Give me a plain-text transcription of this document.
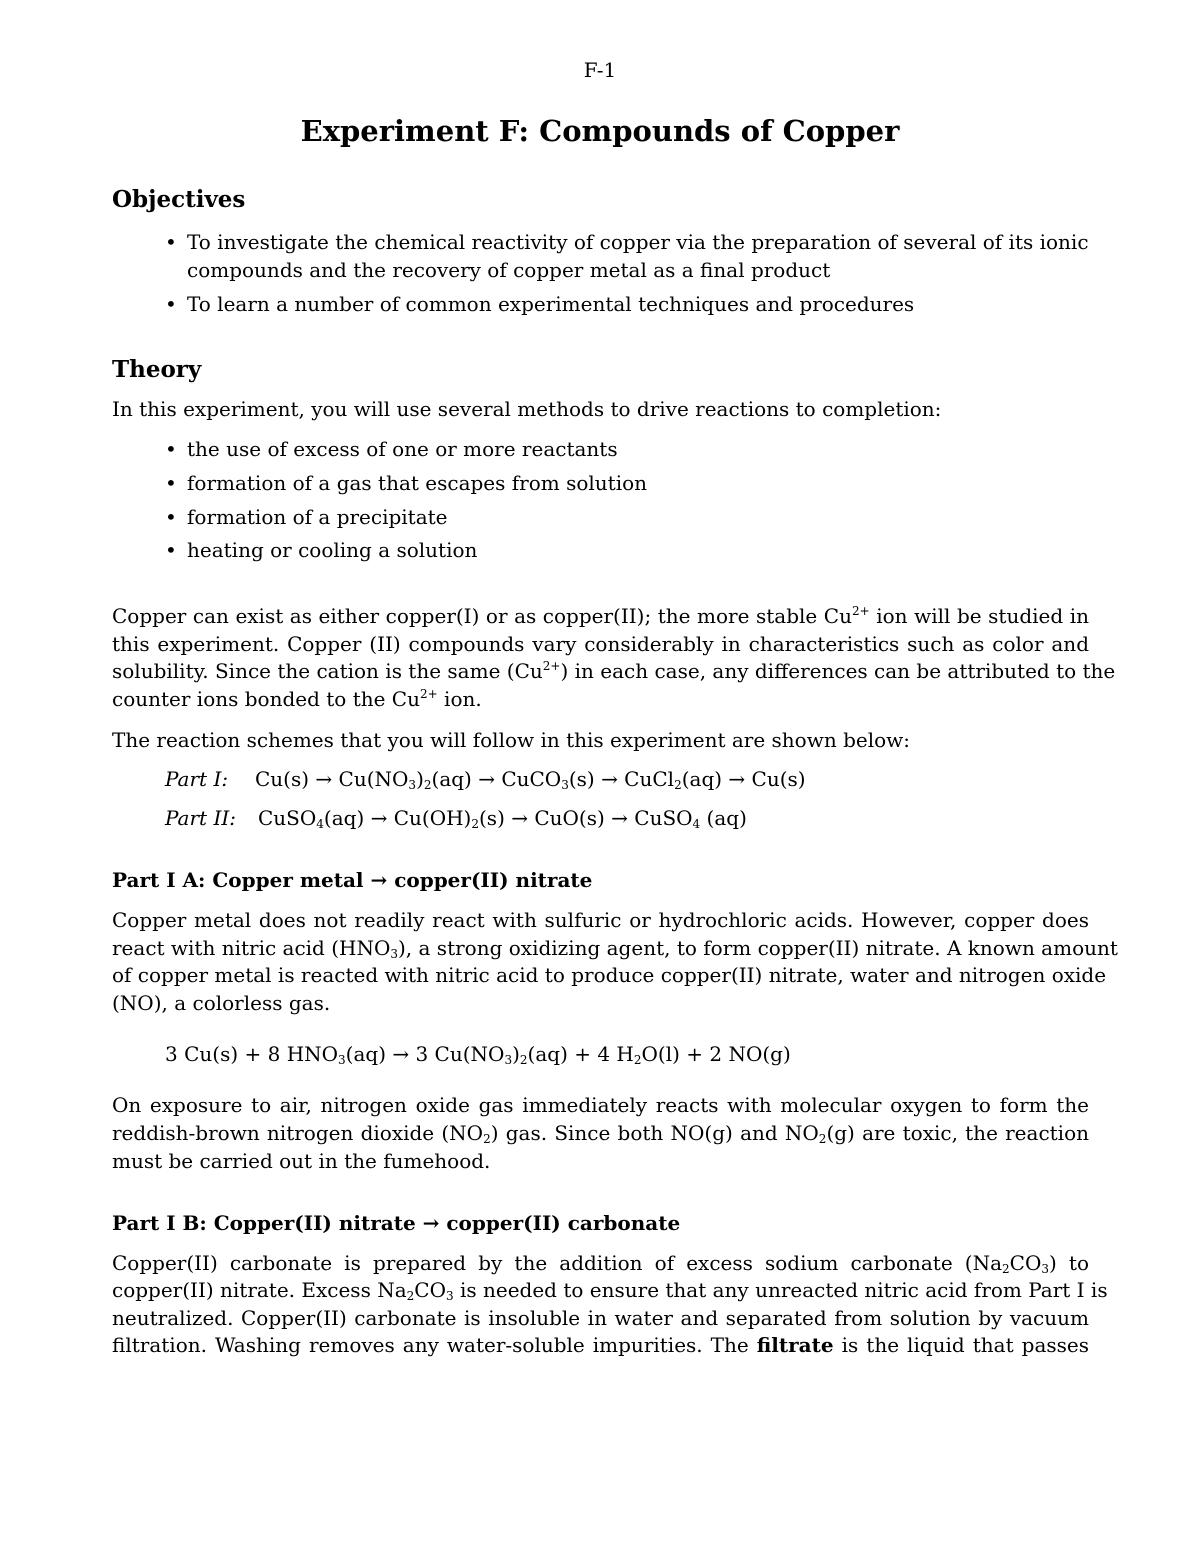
F-1
Experiment F: Compounds of Copper
Objectives
• To investigate the chemical reactivity of copper via the preparation of several of its ionic
compounds and the recovery of copper metal as a final product
• To learn a number of common experimental techniques and procedures
Theory
In this experiment, you will use several methods to drive reactions to completion:
• the use of excess of one or more reactants
• formation of a gas that escapes from solution
• formation of a precipitate
• heating or cooling a solution
Copper can exist as either copper(I) or as copper(II); the more stable $Cu^{2+}$ ion will be studied in
this experiment. Copper (II) compounds vary considerably in characteristics such as color and
solubility. Since the cation is the same $(Cu^{2+})$ in each case, any differences can be attributed to the
counter ions bonded to the $Cu^{2+}$ ion.
The reaction schemes that you will follow in this experiment are shown below:
Part I: $Cu(s) \to Cu(NO_3)_2(aq)$ → CuCO$_3$(s) → CuCl$_2$(aq) → Cu(s)
Part II: CuSO$_4$(aq) → $Cu(OH)_2(s) \to CuO(s)$ → CuSO$_4$ (aq)
Part I A: Copper metal → copper(II) nitrate
Copper metal does not readily react with sulfuric or hydrochloric acids. However, copper does
react with nitric acid $(HNO_3)$, a strong oxidizing agent, to form copper(II) nitrate. A known amount
of copper metal is reacted with nitric acid to produce copper(II) nitrate, water and nitrogen oxide
(NO), a colorless gas.
3 Cu(s) + 8 $HNO_3(aq) \to 3$ $Cu(NO_3)_2(aq) + 4$ $H_2O(l) + 2$ NO(g)
On exposure to air, nitrogen oxide gas immediately reacts with molecular oxygen to form the
reddish-brown nitrogen dioxide $(NO_2)$ gas. Since both NO(g) and $NO_2(g)$ are toxic, the reaction
must be carried out in the fumehood.
Part I B: Copper(II) nitrate → copper(II) carbonate
Copper(II) carbonate is prepared by the addition of excess sodium carbonate $(Na_2CO_3)$ to
copper(II) nitrate. Excess $Na_2CO_3$ is needed to ensure that any unreacted nitric acid from Part I is
neutralized. Copper(II) carbonate is insoluble in water and separated from solution by vacuum
filtration. Washing removes any water-soluble impurities. The filtrate is the liquid that passes
